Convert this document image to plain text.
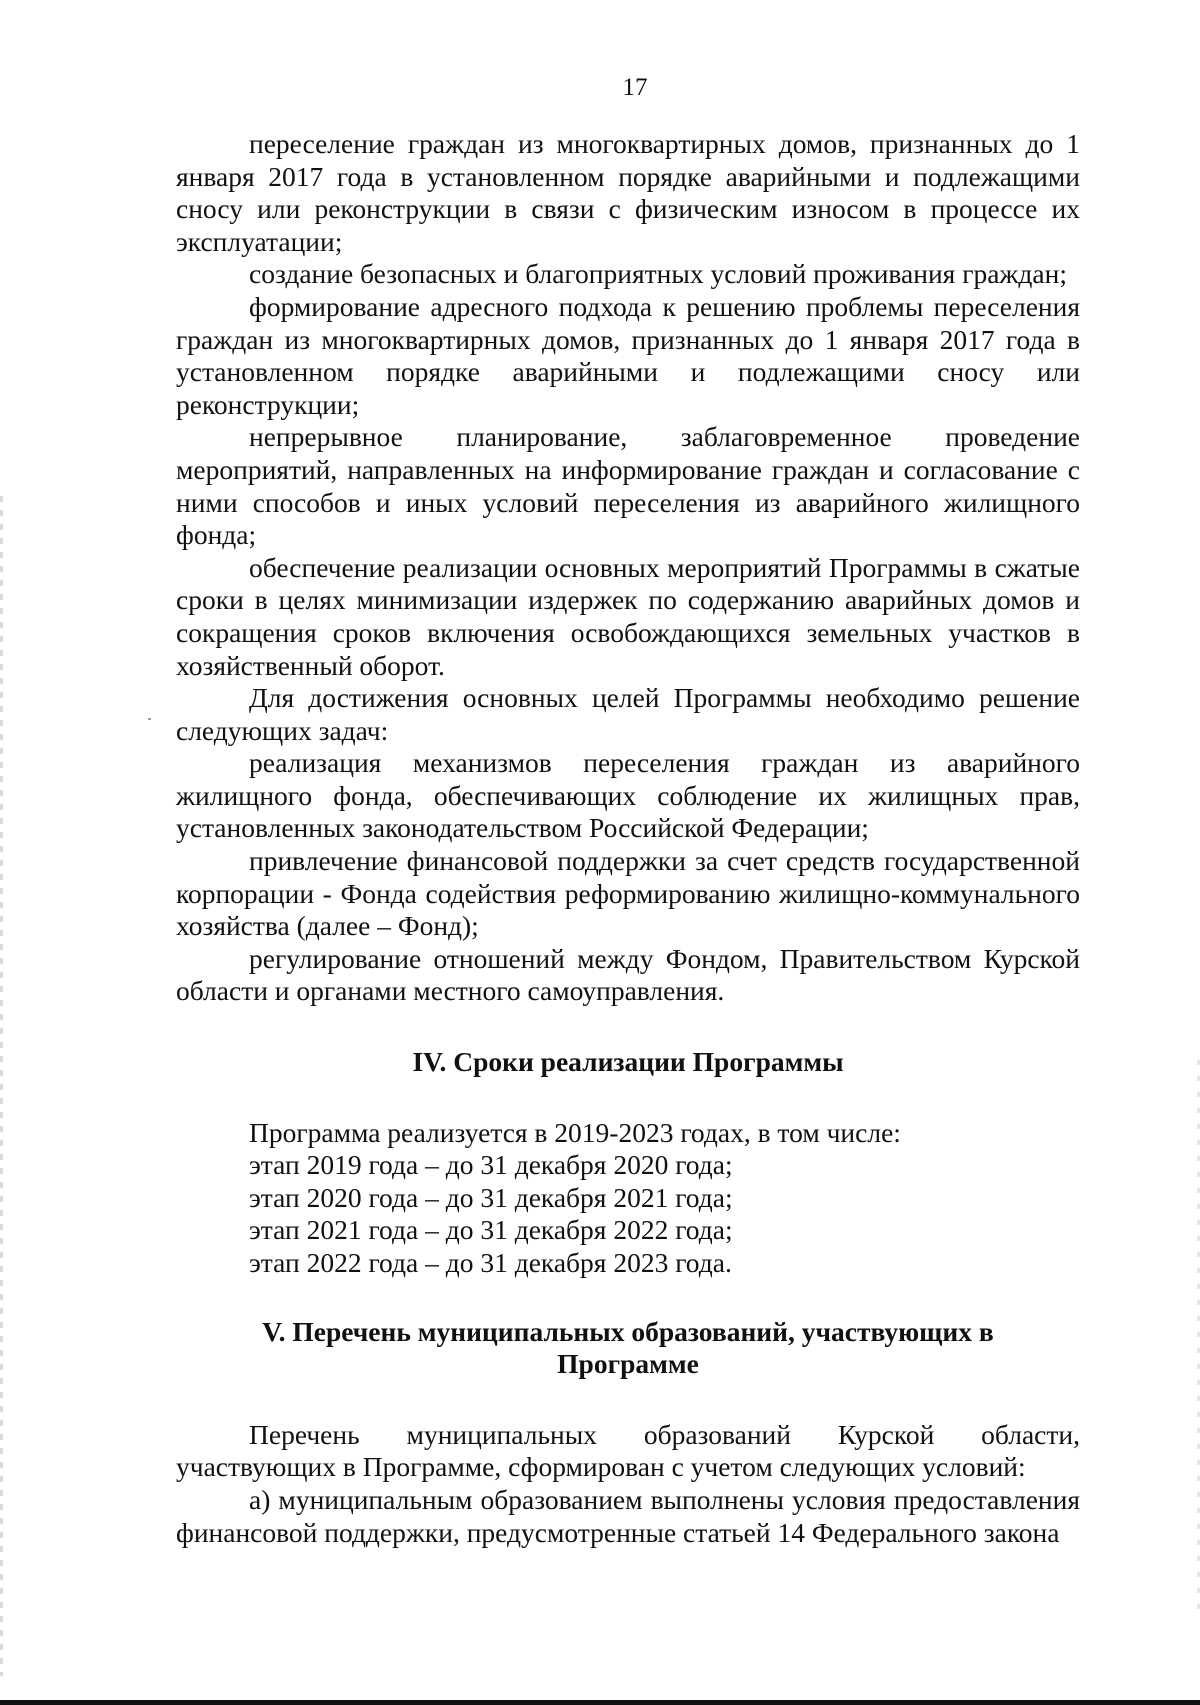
17

переселение граждан из многоквартирных домов, признанных до 1 января 2017 года в установленном порядке аварийными и подлежащими сносу или реконструкции в связи с физическим износом в процессе их эксплуатации;

создание безопасных и благоприятных условий проживания граждан;

формирование адресного подхода к решению проблемы переселения граждан из многоквартирных домов, признанных до 1 января 2017 года в установленном порядке аварийными и подлежащими сносу или реконструкции;

непрерывное планирование, заблаговременное проведение мероприятий, направленных на информирование граждан и согласование с ними способов и иных условий переселения из аварийного жилищного фонда;

обеспечение реализации основных мероприятий Программы в сжатые сроки в целях минимизации издержек по содержанию аварийных домов и сокращения сроков включения освобождающихся земельных участков в хозяйственный оборот.

Для достижения основных целей Программы необходимо решение следующих задач:

реализация механизмов переселения граждан из аварийного жилищного фонда, обеспечивающих соблюдение их жилищных прав, установленных законодательством Российской Федерации;

привлечение финансовой поддержки за счет средств государственной корпорации - Фонда содействия реформированию жилищно-коммунального хозяйства (далее – Фонд);

регулирование отношений между Фондом, Правительством Курской области и органами местного самоуправления.

IV. Сроки реализации Программы

Программа реализуется в 2019-2023 годах, в том числе:

этап 2019 года – до 31 декабря 2020 года;

этап 2020 года – до 31 декабря 2021 года;

этап 2021 года – до 31 декабря 2022 года;

этап 2022 года – до 31 декабря 2023 года.

V. Перечень муниципальных образований, участвующих в Программе

Перечень муниципальных образований Курской области, участвующих в Программе, сформирован с учетом следующих условий:

а) муниципальным образованием выполнены условия предоставления финансовой поддержки, предусмотренные статьей 14 Федерального закона
